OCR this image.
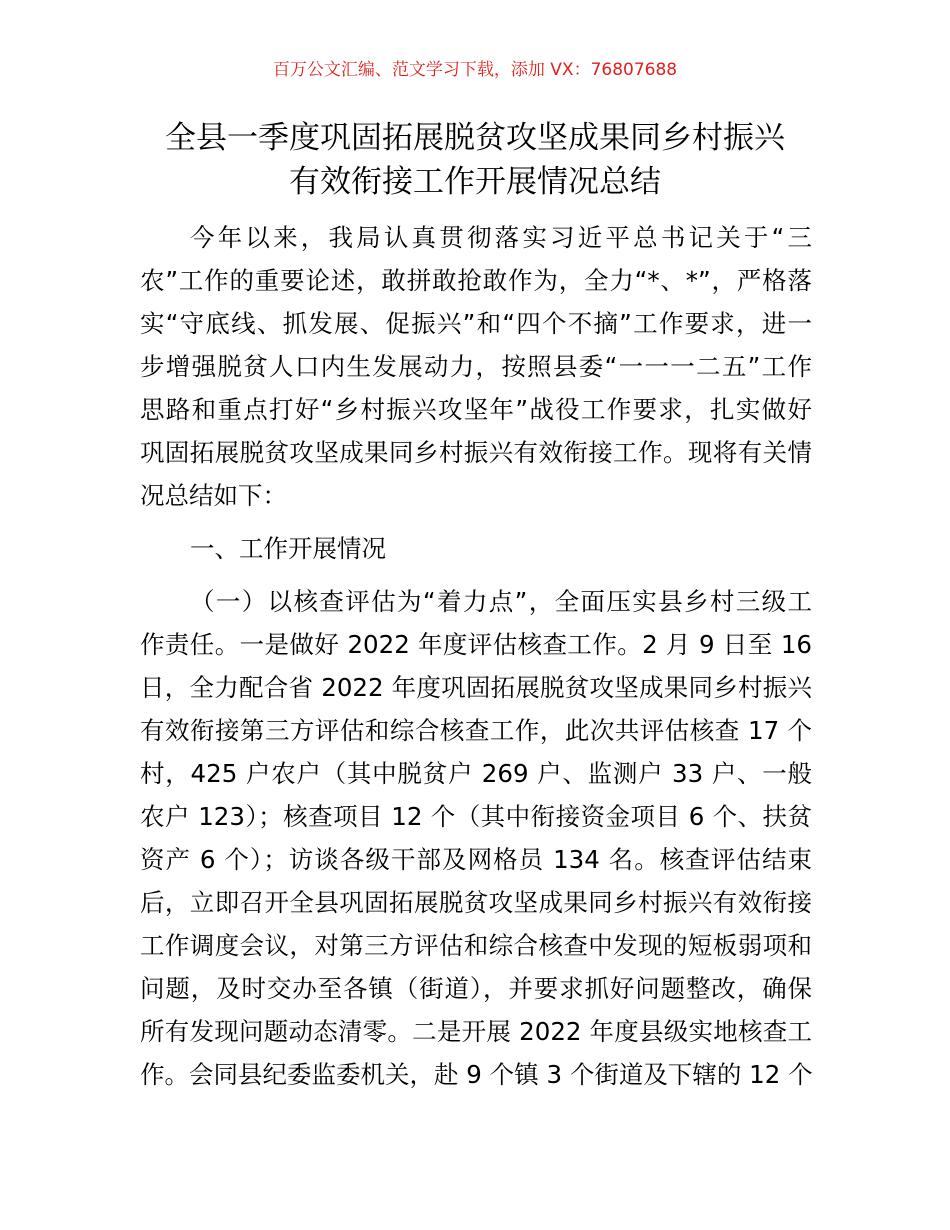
百万公文汇编、范文学习下载，添加 VX：76807688
全县一季度巩固拓展脱贫攻坚成果同乡村振兴
有效衔接工作开展情况总结
今年以来，我局认真贯彻落实习近平总书记关于“三
农”工作的重要论述，敢拼敢抢敢作为，全力“*、*”，严格落
实“守底线、抓发展、促振兴”和“四个不摘”工作要求，进一
步增强脱贫人口内生发展动力，按照县委“一一一二五”工作
思路和重点打好“乡村振兴攻坚年”战役工作要求，扎实做好
巩固拓展脱贫攻坚成果同乡村振兴有效衔接工作。现将有关情
况总结如下：
一、工作开展情况
（一）以核查评估为“着力点”，全面压实县乡村三级工
作责任。一是做好 2022 年度评估核查工作。2 月 9 日至 16
日，全力配合省 2022 年度巩固拓展脱贫攻坚成果同乡村振兴
有效衔接第三方评估和综合核查工作，此次共评估核查 17 个
村，425 户农户（其中脱贫户 269 户、监测户 33 户、一般
农户 123）；核查项目 12 个（其中衔接资金项目 6 个、扶贫
资产 6 个）；访谈各级干部及网格员 134 名。核查评估结束
后，立即召开全县巩固拓展脱贫攻坚成果同乡村振兴有效衔接
工作调度会议，对第三方评估和综合核查中发现的短板弱项和
问题，及时交办至各镇（街道），并要求抓好问题整改，确保
所有发现问题动态清零。二是开展 2022 年度县级实地核查工
作。会同县纪委监委机关，赴 9 个镇 3 个街道及下辖的 12 个
